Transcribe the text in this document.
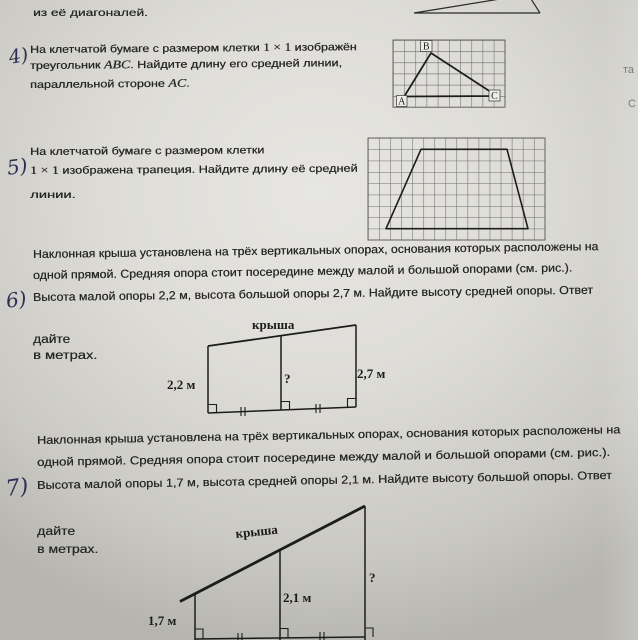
B
A	C
крыша
2,2 м	?	2,7 м
крыша
1,7 м
2,1 м
?
из её диагоналей.
та
С
4) На клетчатой бумаге с размером клетки 1 × 1 изображён
треугольник ABC. Найдите длину его средней линии,
параллельной стороне AC.
5)
На клетчатой бумаге с размером клетки
1 × 1 изображена трапеция. Найдите длину её средней
линии.
6)
Наклонная крыша установлена на трёх вертикальных опорах, основания которых расположены на
одной прямой. Средняя опора стоит посередине между малой и большой опорами (см. рис.).
Высота малой опоры 2,2 м, высота большой опоры 2,7 м. Найдите высоту средней опоры. Ответ
дайте
в метрах.
7)
Наклонная крыша установлена на трёх вертикальных опорах, основания которых расположены на
одной прямой. Средняя опора стоит посередине между малой и большой опорами (см. рис.).
Высота малой опоры 1,7 м, высота средней опоры 2,1 м. Найдите высоту большой опоры. Ответ
дайте
в метрах.
